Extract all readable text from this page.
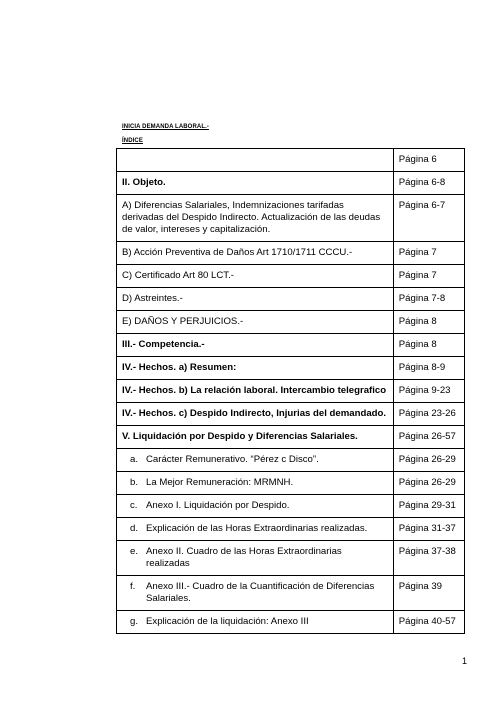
INICIA DEMANDA LABORAL.-
ÍNDICE
	Página 6
II. Objeto.	Página 6-8
A) Diferencias Salariales, Indemnizaciones tarifadas derivadas del Despido Indirecto. Actualización de las deudas de valor, intereses y capitalización.	Página 6-7
B) Acción Preventiva de Daños Art 1710/1711 CCCU.-	Página 7
C) Certificado Art 80 LCT.-	Página 7
D) Astreintes.-	Página 7-8
E) DAÑOS Y PERJUICIOS.-	Página 8
III.- Competencia.-	Página 8
IV.- Hechos. a) Resumen:	Página 8-9
IV.- Hechos. b) La relación laboral. Intercambio telegrafico	Página 9-23
IV.- Hechos. c) Despido Indirecto, Injurias del demandado.	Página 23-26
V. Liquidación por Despido y Diferencias Salariales.	Página 26-57

a. Carácter Remunerativo. “Pérez c Disco”.	Página 26-29

b. La Mejor Remuneración: MRMNH.	Página 26-29

c. Anexo I. Liquidación por Despido.	Página 29-31

d. Explicación de las Horas Extraordinarias realizadas.	Página 31-37

e. Anexo II. Cuadro de las Horas Extraordinarias realizadas	Página 37-38

f. Anexo III.- Cuadro de la Cuantificación de Diferencias Salariales.	Página 39

g. Explicación de la liquidación: Anexo III	Página 40-57
1
